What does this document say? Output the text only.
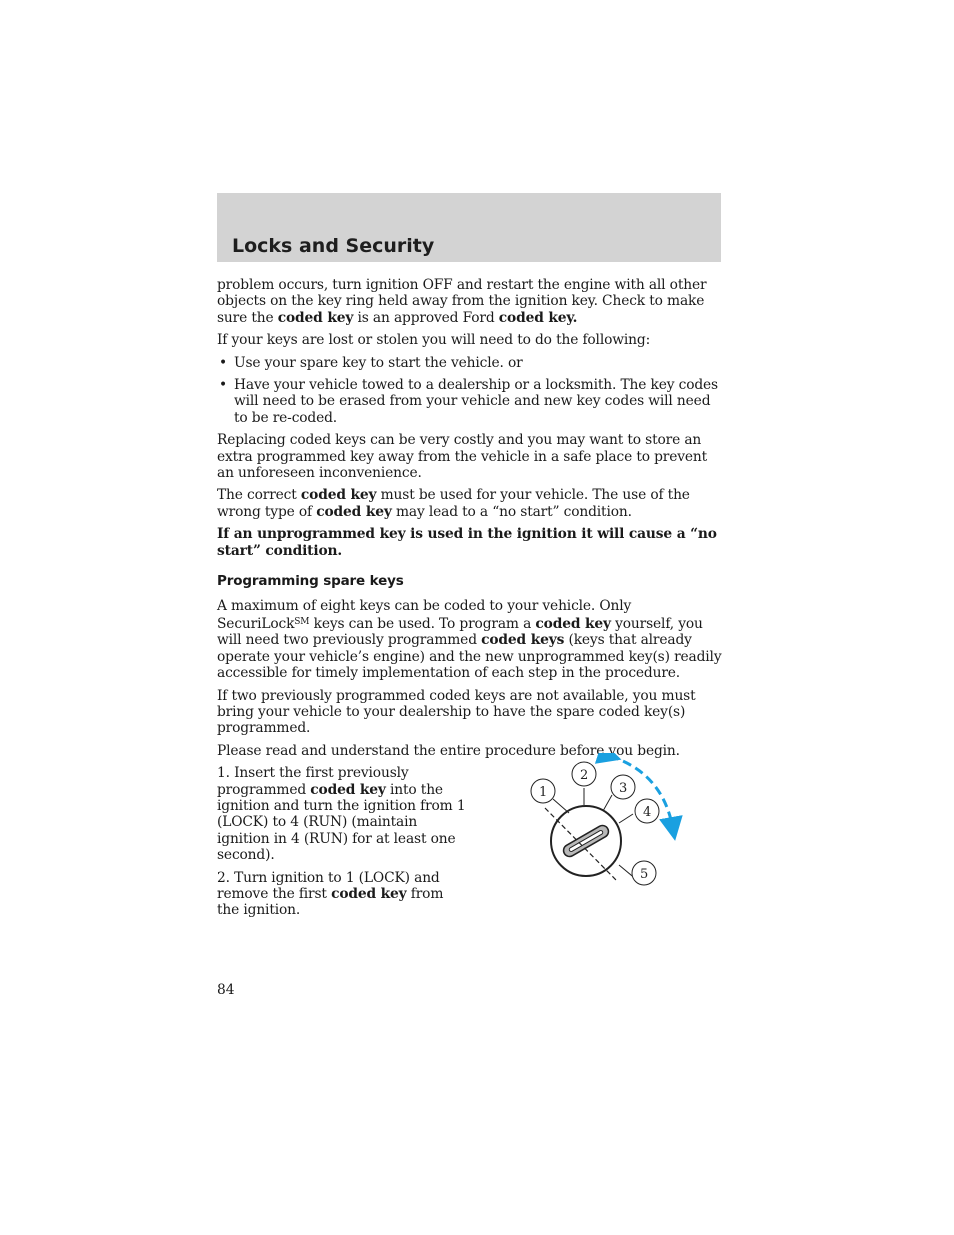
Locks and Security

problem occurs, turn ignition OFF and restart the engine with all other objects on the key ring held away from the ignition key. Check to make sure the coded key is an approved Ford coded key.

If your keys are lost or stolen you will need to do the following:

• Use your spare key to start the vehicle. or
• Have your vehicle towed to a dealership or a locksmith. The key codes will need to be erased from your vehicle and new key codes will need to be re-coded.

Replacing coded keys can be very costly and you may want to store an extra programmed key away from the vehicle in a safe place to prevent an unforeseen inconvenience.

The correct coded key must be used for your vehicle. The use of the wrong type of coded key may lead to a “no start” condition.

If an unprogrammed key is used in the ignition it will cause a “no start” condition.

Programming spare keys

A maximum of eight keys can be coded to your vehicle. Only SecuriLock℠ keys can be used. To program a coded key yourself, you will need two previously programmed coded keys (keys that already operate your vehicle’s engine) and the new unprogrammed key(s) readily accessible for timely implementation of each step in the procedure.

If two previously programmed coded keys are not available, you must bring your vehicle to your dealership to have the spare coded key(s) programmed.

Please read and understand the entire procedure before you begin.

1. Insert the first previously programmed coded key into the ignition and turn the ignition from 1 (LOCK) to 4 (RUN) (maintain ignition in 4 (RUN) for at least one second).

2. Turn ignition to 1 (LOCK) and remove the first coded key from the ignition.

1
2
3
4
5
84
